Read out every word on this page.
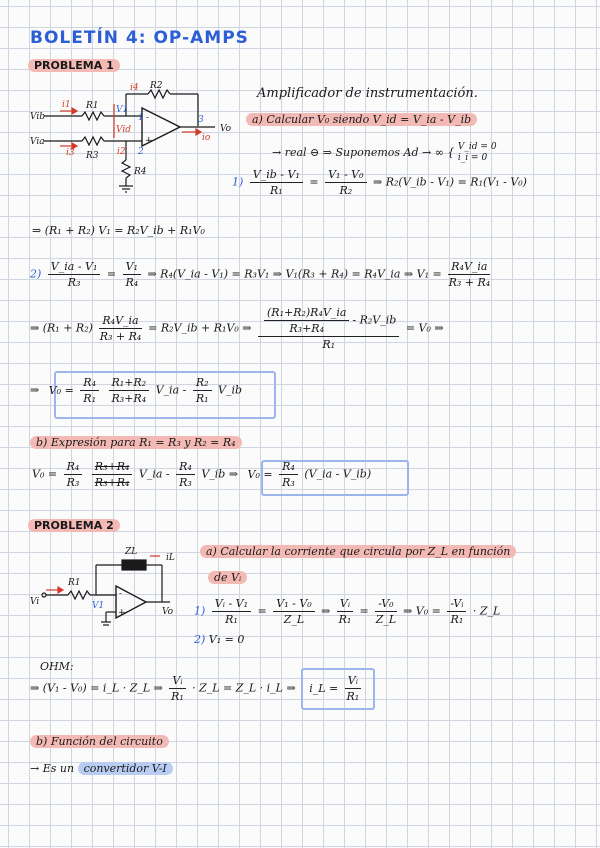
BOLETÍN 4: OP-AMPS
PROBLEMA 1
Vib
Via
R1
R2
R3
R4
V1
Vid	Vo
-
+
i1
i3
i4
i2
io
1
2
3
Amplificador de instrumentación.
a) Calcular V₀ siendo V_id = V_ia - V_ib
→ real ⊖ ⇒ Suponemos Ad → ∞ { V_id = 0
i_i = 0
$1) \frac{\text{V\_ib - V₁}}{\text{R₁}} = \frac{\text{V₁ - V₀}}{\text{R₂}}$ ⇒ R₂(V_ib - V₁) = R₁(V₁ - V₀)
⇒ (R₁ + R₂) V₁ = R₂V_ib + R₁V₀
$2) \frac{\text{V\_ia - V₁}}{\text{R₃}} = \frac{\text{V₁}}{\text{R₄}}$ ⇒ R₄(V_ia - V₁) = R₃V₁ ⇒ V₁(R₃ + R₄) = R₄V_ia ⇒ $V_1 = \frac{\text{R₄V\_ia}}{\text{R₃ + R₄}}$
⇒ $(R_1 + R_2) \frac{\text{R₄V\_ia}}{\text{R₃ + R₄}}$ = R₂V_ib + R₁V₀ ⇒ $\frac{\frac{\text{(R₁+R₂)R₄V\_ia}}{\text{R₃+R₄}} - R_2V\_ib}{\text{R₁}} = V_0$ ⇒
⇒ $V_0 = \frac{\text{R₄}}{\text{R₁}}$
$\frac{\text{R₁+R₂}}{\text{R₃+R₄}}$ V_ia - $\frac{\text{R₂}}{\text{R₁}}$ V_ib
b) Expresión para R₁ = R₃ y R₂ = R₄
$V_0 = \frac{\text{R₄}}{\text{R₃}}$
$\frac{\text{R₃+R₄}}{\text{R₃+R₄}}$ V_ia - $\frac{\text{R₄}}{\text{R₃}}$ V_ib ⇒ $V_0 = \frac{\text{R₄}}{\text{R₃}}$ (V_ia - V_ib)
PROBLEMA 2
Vi
R1
ZL
iL
V1
Vo
-
+
a) Calcular la corriente que circula por Z_L en función
de Vᵢ
$1) \frac{\text{Vᵢ - V₁}}{\text{R₁}} = \frac{\text{V₁ - V₀}}{Z\_L}$ ⇒ $\frac{\text{Vᵢ}}{\text{R₁}} = \frac{\text{-V₀}}{Z\_L}$ ⇒ $V_0 = \frac{\text{-Vᵢ}}{\text{R₁}}$ · Z_L
2) V₁ = 0
OHM:
⇒ (V₁ - V₀) = i_L · Z_L ⇒ $\frac{\text{Vᵢ}}{\text{R₁}}$ · Z_L = Z_L · i_L ⇒ i_L = $\frac{\text{Vᵢ}}{\text{R₁}}$
b) Función del circuito
→ Es un convertidor V-I
